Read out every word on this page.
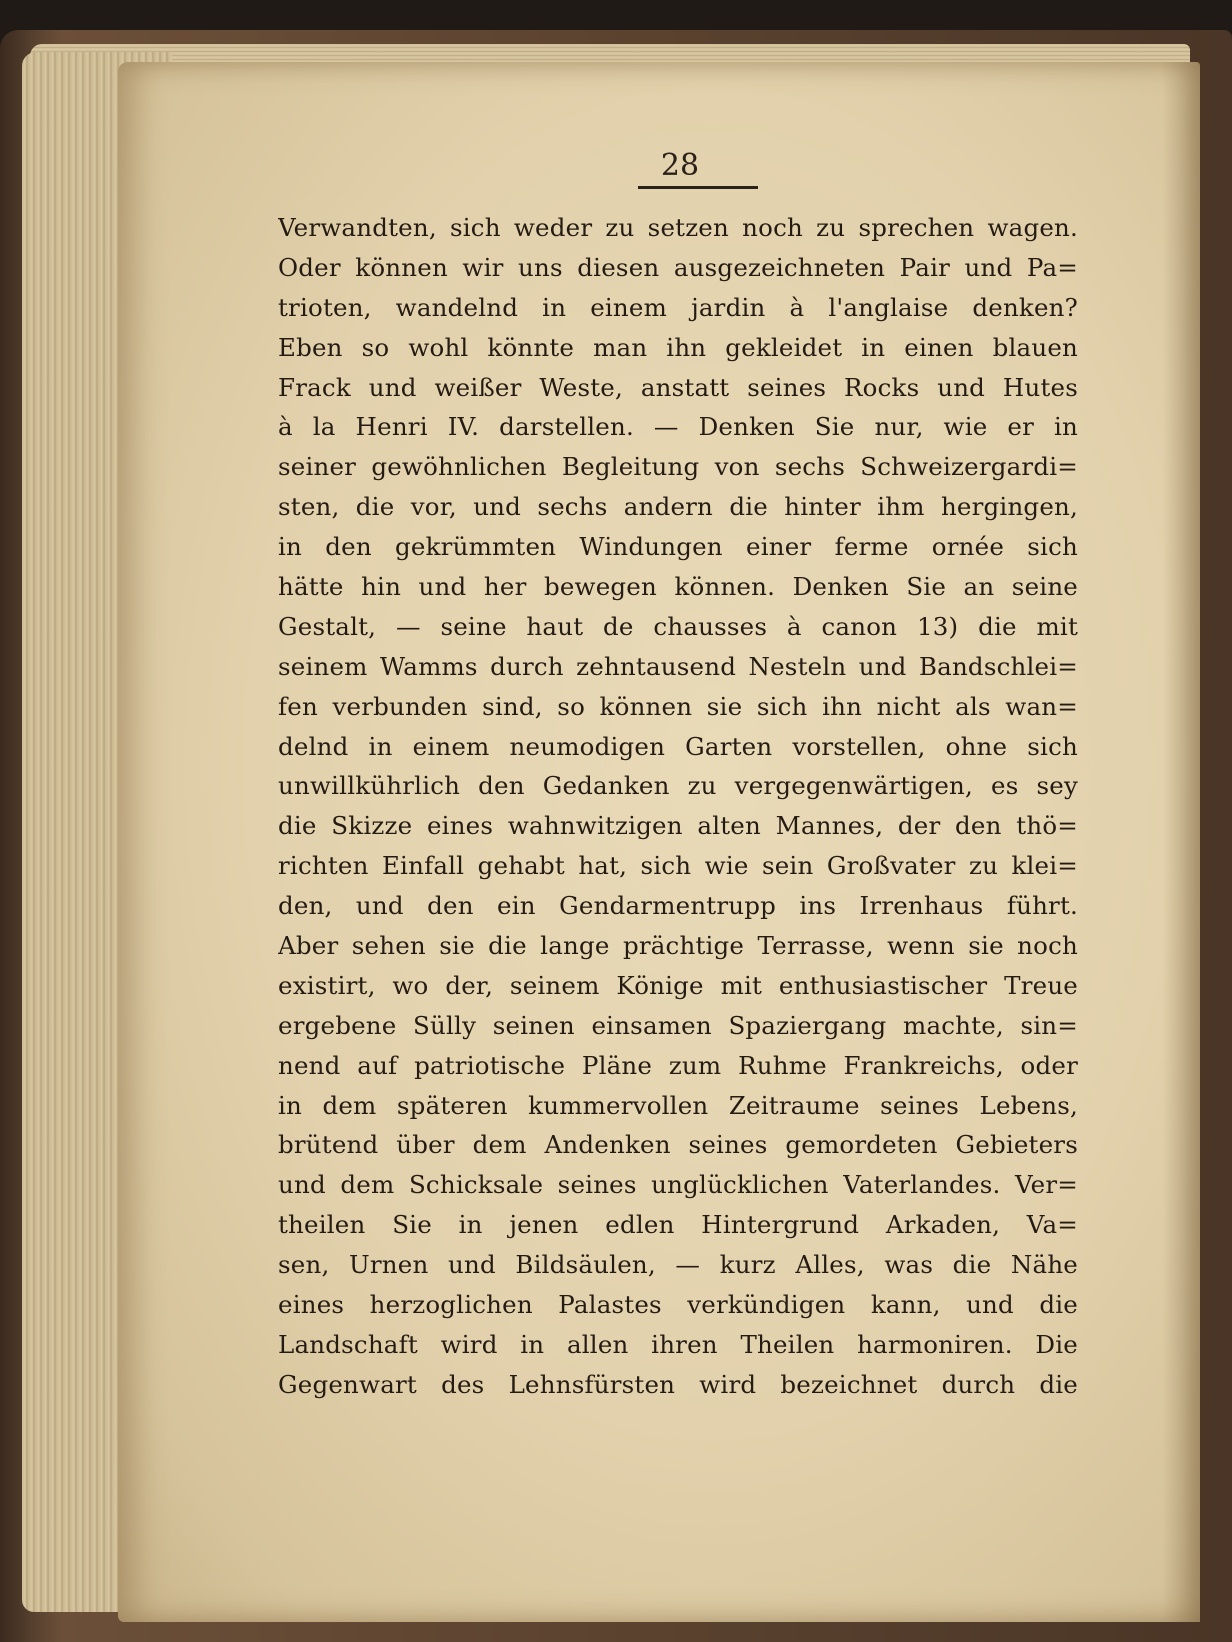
28
Verwandten, sich weder zu setzen noch zu sprechen wagen.
Oder können wir uns diesen ausgezeichneten Pair und Pa=
trioten, wandelnd in einem jardin à l'anglaise denken?
Eben so wohl könnte man ihn gekleidet in einen blauen
Frack und weißer Weste, anstatt seines Rocks und Hutes
à la Henri IV. darstellen. — Denken Sie nur, wie er in
seiner gewöhnlichen Begleitung von sechs Schweizergardi=
sten, die vor, und sechs andern die hinter ihm hergingen,
in den gekrümmten Windungen einer ferme ornée sich
hätte hin und her bewegen können. Denken Sie an seine
Gestalt, — seine haut de chausses à canon 13) die mit
seinem Wamms durch zehntausend Nesteln und Bandschlei=
fen verbunden sind, so können sie sich ihn nicht als wan=
delnd in einem neumodigen Garten vorstellen, ohne sich
unwillkührlich den Gedanken zu vergegenwärtigen, es sey
die Skizze eines wahnwitzigen alten Mannes, der den thö=
richten Einfall gehabt hat, sich wie sein Großvater zu klei=
den, und den ein Gendarmentrupp ins Irrenhaus führt.
Aber sehen sie die lange prächtige Terrasse, wenn sie noch
existirt, wo der, seinem Könige mit enthusiastischer Treue
ergebene Sülly seinen einsamen Spaziergang machte, sin=
nend auf patriotische Pläne zum Ruhme Frankreichs, oder
in dem späteren kummervollen Zeitraume seines Lebens,
brütend über dem Andenken seines gemordeten Gebieters
und dem Schicksale seines unglücklichen Vaterlandes. Ver=
theilen Sie in jenen edlen Hintergrund Arkaden, Va=
sen, Urnen und Bildsäulen, — kurz Alles, was die Nähe
eines herzoglichen Palastes verkündigen kann, und die
Landschaft wird in allen ihren Theilen harmoniren. Die
Gegenwart des Lehnsfürsten wird bezeichnet durch die
